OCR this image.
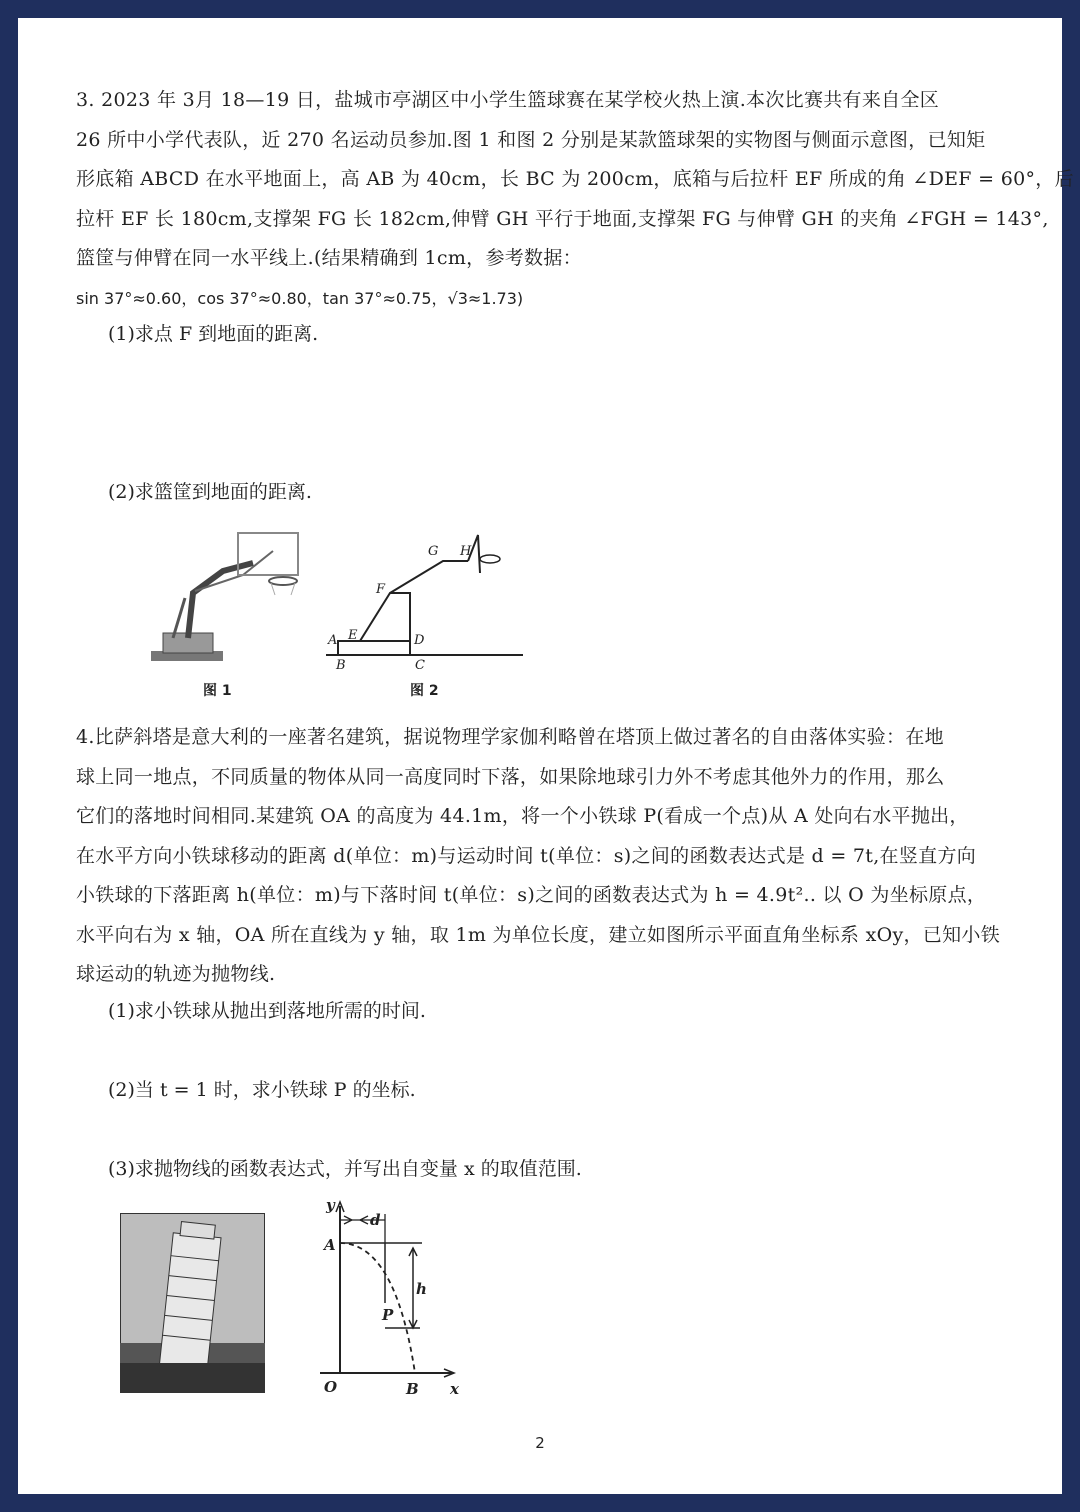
3. 2023 年 3月 18—19 日，盐城市亭湖区中小学生篮球赛在某学校火热上演.本次比赛共有来自全区
26 所中小学代表队，近 270 名运动员参加.图 1 和图 2 分别是某款篮球架的实物图与侧面示意图，已知矩
形底箱 ABCD 在水平地面上，高 AB 为 40cm，长 BC 为 200cm，底箱与后拉杆 EF 所成的角 ∠DEF = 60°，后
拉杆 EF 长 180cm,支撑架 FG 长 182cm,伸臂 GH 平行于地面,支撑架 FG 与伸臂 GH 的夹角 ∠FGH = 143°,
篮筐与伸臂在同一水平线上.(结果精确到 1cm，参考数据：
sin 37°≈0.60，cos 37°≈0.80，tan 37°≈0.75，√3≈1.73)
(1)求点 F 到地面的距离.
(2)求篮筐到地面的距离.
图 1
A
B	C
D
E
F
G H
图 2
4.比萨斜塔是意大利的一座著名建筑，据说物理学家伽利略曾在塔顶上做过著名的自由落体实验：在地
球上同一地点，不同质量的物体从同一高度同时下落，如果除地球引力外不考虑其他外力的作用，那么
它们的落地时间相同.某建筑 OA 的高度为 44.1m，将一个小铁球 P(看成一个点)从 A 处向右水平抛出，
在水平方向小铁球移动的距离 d(单位：m)与运动时间 t(单位：s)之间的函数表达式是 d = 7t,在竖直方向
小铁球的下落距离 h(单位：m)与下落时间 t(单位：s)之间的函数表达式为 h = 4.9t².. 以 O 为坐标原点，
水平向右为 x 轴，OA 所在直线为 y 轴，取 1m 为单位长度，建立如图所示平面直角坐标系 xOy，已知小铁
球运动的轨迹为抛物线.
(1)求小铁球从抛出到落地所需的时间.
(2)当 t = 1 时，求小铁球 P 的坐标.
(3)求抛物线的函数表达式，并写出自变量 x 的取值范围.
y
x
O
A
B
P
d
h
2
